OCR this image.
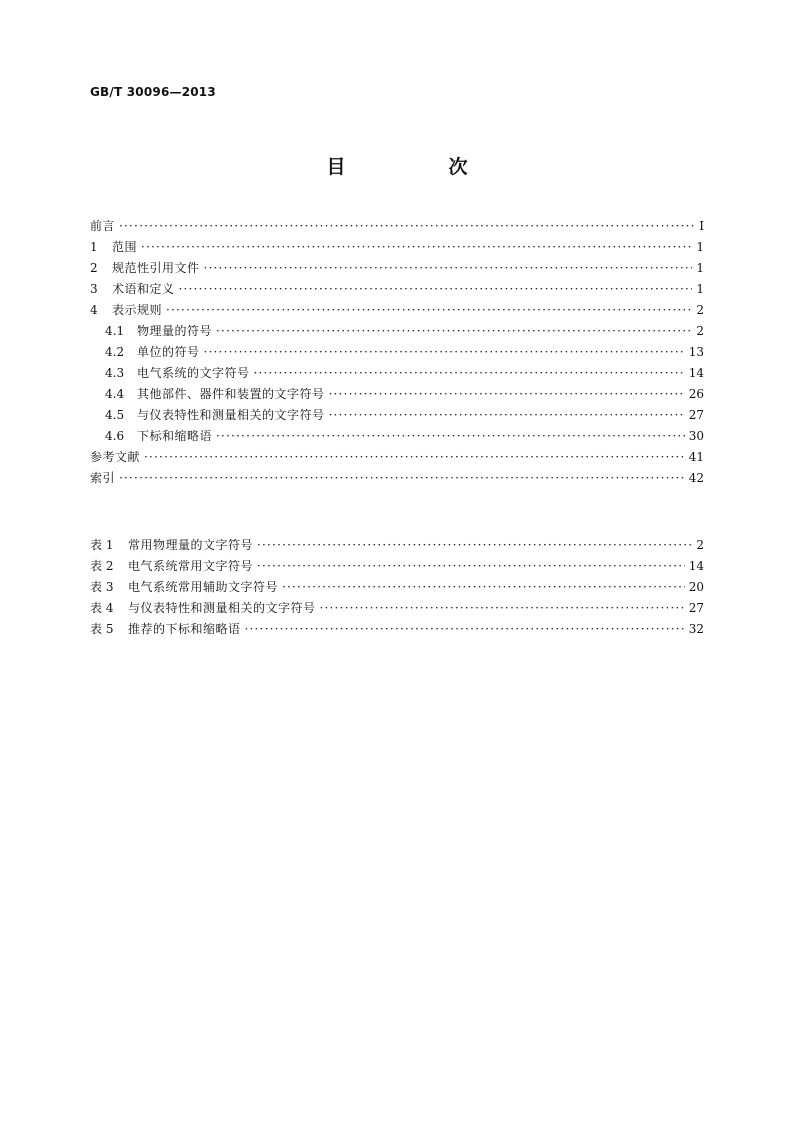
GB/T 30096—2013
目　次
前言 ·····	Ⅰ
1	范围 ·····	1
2	规范性引用文件 ·····	1
3	术语和定义 ·····	1
4	表示规则 ·····	2
4.1	物理量的符号 ·····	2
4.2	单位的符号 ·····	13
4.3	电气系统的文字符号 ·····	14
4.4	其他部件、器件和装置的文字符号 ·····	26
4.5	与仪表特性和测量相关的文字符号 ·····	27
4.6	下标和缩略语 ·····	30
参考文献 ·····	41
索引 ·····	42
表 1	常用物理量的文字符号 ·····	2
表 2	电气系统常用文字符号 ·····	14
表 3	电气系统常用辅助文字符号 ·····	20
表 4	与仪表特性和测量相关的文字符号 ·····	27
表 5	推荐的下标和缩略语 ·····	32
